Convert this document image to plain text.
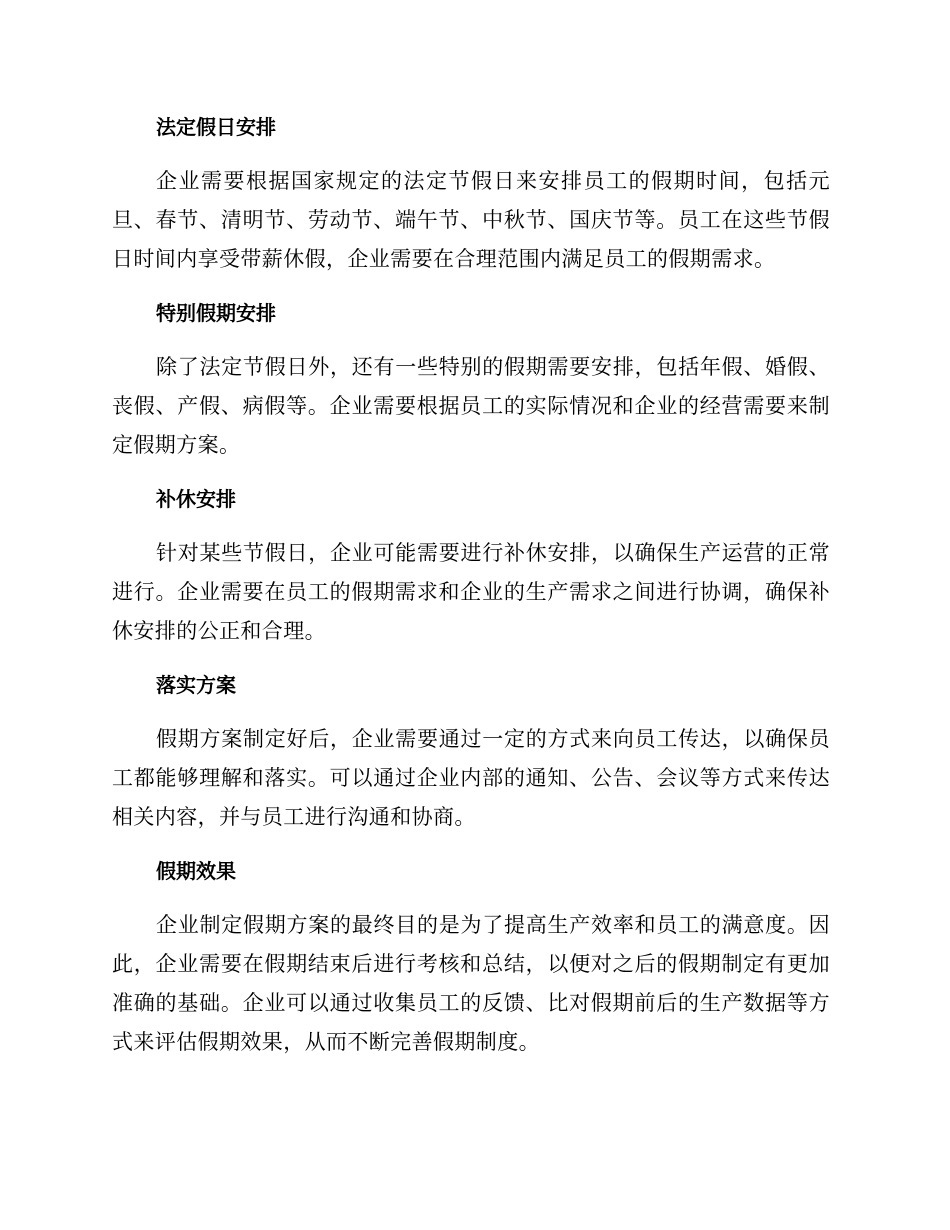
法定假日安排
企业需要根据国家规定的法定节假日来安排员工的假期时间，包括元旦、春节、清明节、劳动节、端午节、中秋节、国庆节等。员工在这些节假日时间内享受带薪休假，企业需要在合理范围内满足员工的假期需求。
特别假期安排
除了法定节假日外，还有一些特别的假期需要安排，包括年假、婚假、丧假、产假、病假等。企业需要根据员工的实际情况和企业的经营需要来制定假期方案。
补休安排
针对某些节假日，企业可能需要进行补休安排，以确保生产运营的正常进行。企业需要在员工的假期需求和企业的生产需求之间进行协调，确保补休安排的公正和合理。
落实方案
假期方案制定好后，企业需要通过一定的方式来向员工传达，以确保员工都能够理解和落实。可以通过企业内部的通知、公告、会议等方式来传达相关内容，并与员工进行沟通和协商。
假期效果
企业制定假期方案的最终目的是为了提高生产效率和员工的满意度。因此，企业需要在假期结束后进行考核和总结，以便对之后的假期制定有更加准确的基础。企业可以通过收集员工的反馈、比对假期前后的生产数据等方式来评估假期效果，从而不断完善假期制度。
